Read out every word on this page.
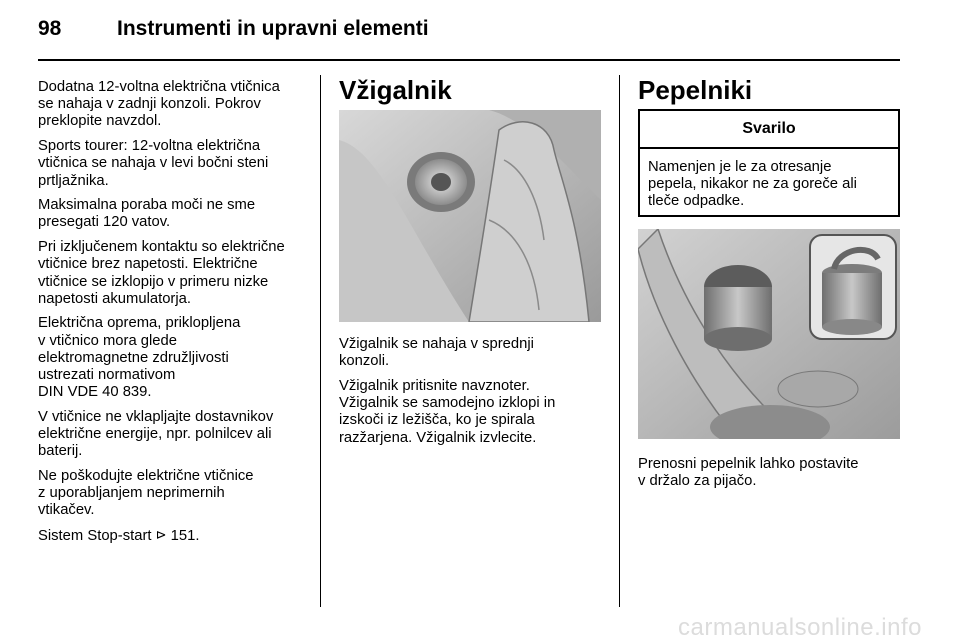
98	Instrumenti in upravni elementi

Dodatna 12-voltna električna vtičnica
se nahaja v zadnji konzoli. Pokrov
preklopite navzdol.

Sports tourer: 12-voltna električna
vtičnica se nahaja v levi bočni steni
prtljažnika.

Maksimalna poraba moči ne sme
presegati 120 vatov.

Pri izključenem kontaktu so električne
vtičnice brez napetosti. Električne
vtičnice se izklopijo v primeru nizke
napetosti akumulatorja.

Električna oprema, priklopljena
v vtičnico mora glede
elektromagnetne združljivosti
ustrezati normativom
DIN VDE 40 839.

V vtičnice ne vklapljajte dostavnikov
električne energije, npr. polnilcev ali
baterij.

Ne poškodujte električne vtičnice
z uporabljanjem neprimernih
vtikačev.

Sistem Stop-start ⊳ 151.

Vžigalnik

Vžigalnik se nahaja v sprednji
konzoli.

Vžigalnik pritisnite navznoter.
Vžigalnik se samodejno izklopi in
izskoči iz ležišča, ko je spirala
razžarjena. Vžigalnik izvlecite.

Pepelniki
Svarilo
Namenjen je le za otresanje
pepela, nikakor ne za goreče ali
tleče odpadke.

Prenosni pepelnik lahko postavite
v držalo za pijačo.

carmanualsonline.info
